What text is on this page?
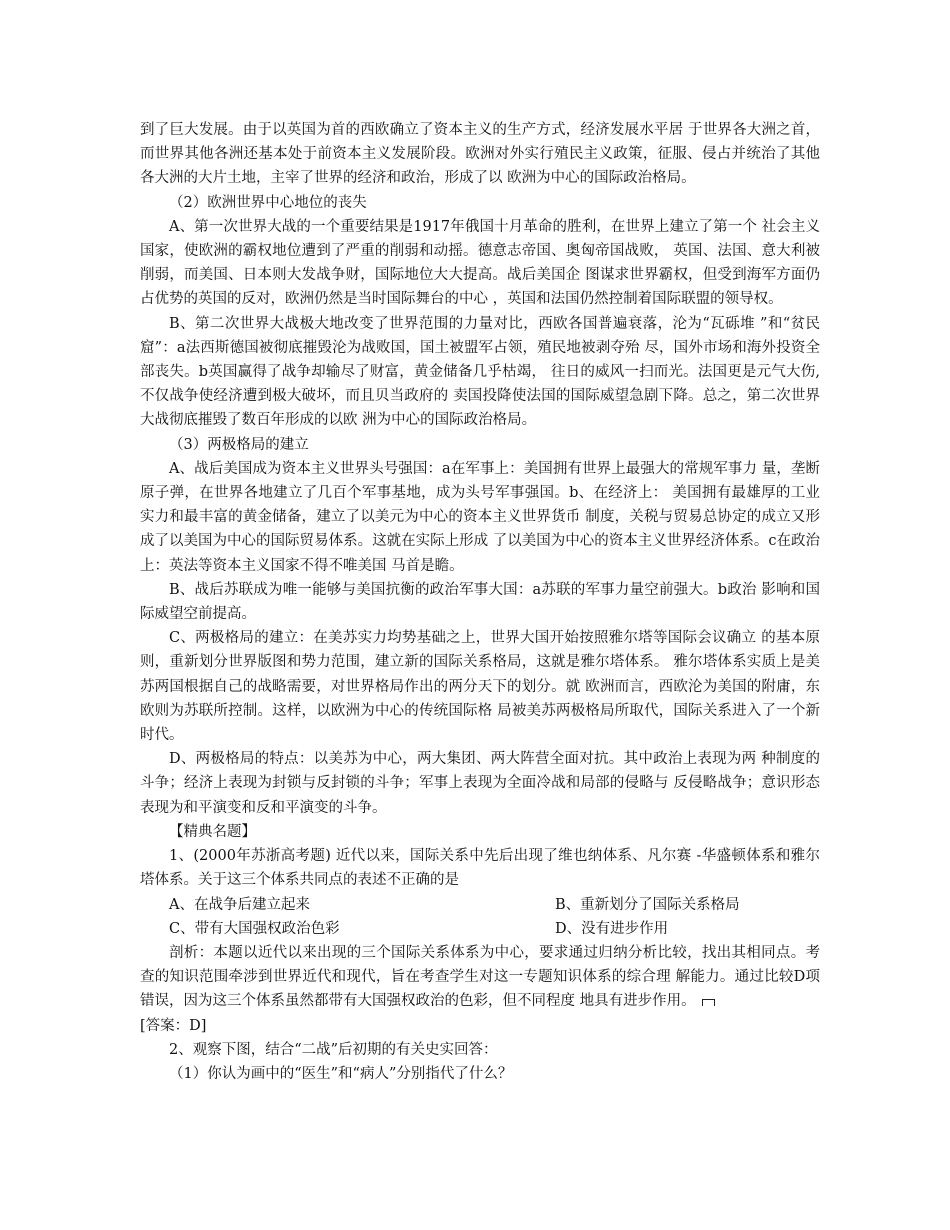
到了巨大发展。由于以英国为首的西欧确立了资本主义的生产方式，经济发展水平居 于世界各大洲之首，而世界其他各洲还基本处于前资本主义发展阶段。欧洲对外实行殖民主义政策，征服、侵占并统治了其他各大洲的大片土地，主宰了世界的经济和政治，形成了以 欧洲为中心的国际政治格局。

（2）欧洲世界中心地位的丧失

A、第一次世界大战的一个重要结果是1917年俄国十月革命的胜利，在世界上建立了第一个 社会主义国家，使欧洲的霸权地位遭到了严重的削弱和动摇。德意志帝国、奥匈帝国战败， 英国、法国、意大利被削弱，而美国、日本则大发战争财，国际地位大大提高。战后美国企 图谋求世界霸权，但受到海军方面仍占优势的英国的反对，欧洲仍然是当时国际舞台的中心 ，英国和法国仍然控制着国际联盟的领导权。

B、第二次世界大战极大地改变了世界范围的力量对比，西欧各国普遍衰落，沦为“瓦砾堆 ”和“贫民窟”：a法西斯德国被彻底摧毁沦为战败国，国土被盟军占领，殖民地被剥夺殆 尽，国外市场和海外投资全部丧失。b英国赢得了战争却输尽了财富，黄金储备几乎枯竭， 往日的威风一扫而光。法国更是元气大伤,不仅战争使经济遭到极大破坏，而且贝当政府的 卖国投降使法国的国际威望急剧下降。总之，第二次世界大战彻底摧毁了数百年形成的以欧 洲为中心的国际政治格局。

（3）两极格局的建立

A、战后美国成为资本主义世界头号强国：a在军事上：美国拥有世界上最强大的常规军事力 量，垄断原子弹，在世界各地建立了几百个军事基地，成为头号军事强国。b、在经济上： 美国拥有最雄厚的工业实力和最丰富的黄金储备，建立了以美元为中心的资本主义世界货币 制度，关税与贸易总协定的成立又形成了以美国为中心的国际贸易体系。这就在实际上形成 了以美国为中心的资本主义世界经济体系。c在政治上：英法等资本主义国家不得不唯美国 马首是瞻。

B、战后苏联成为唯一能够与美国抗衡的政治军事大国：a苏联的军事力量空前强大。b政治 影响和国际威望空前提高。

C、两极格局的建立：在美苏实力均势基础之上，世界大国开始按照雅尔塔等国际会议确立 的基本原则，重新划分世界版图和势力范围，建立新的国际关系格局，这就是雅尔塔体系。 雅尔塔体系实质上是美苏两国根据自己的战略需要，对世界格局作出的两分天下的划分。就 欧洲而言，西欧沦为美国的附庸，东欧则为苏联所控制。这样，以欧洲为中心的传统国际格 局被美苏两极格局所取代，国际关系进入了一个新时代。

D、两极格局的特点：以美苏为中心，两大集团、两大阵营全面对抗。其中政治上表现为两 种制度的斗争；经济上表现为封锁与反封锁的斗争；军事上表现为全面冷战和局部的侵略与 反侵略战争；意识形态表现为和平演变和反和平演变的斗争。

【精典名题】

1、(2000年苏浙高考题) 近代以来，国际关系中先后出现了维也纳体系、凡尔赛 -华盛顿体系和雅尔塔体系。关于这三个体系共同点的表述不正确的是

A、在战争后建立起来	B、重新划分了国际关系格局
C、带有大国强权政治色彩	D、没有进步作用

剖析：本题以近代以来出现的三个国际关系体系为中心，要求通过归纳分析比较，找出其相同点。考查的知识范围牵涉到世界近代和现代，旨在考查学生对这一专题知识体系的综合理 解能力。通过比较D项错误，因为这三个体系虽然都带有大国强权政治的色彩，但不同程度 地具有进步作用。

[答案：D]

2、观察下图，结合“二战”后初期的有关史实回答：

（1）你认为画中的“医生”和“病人”分别指代了什么？
